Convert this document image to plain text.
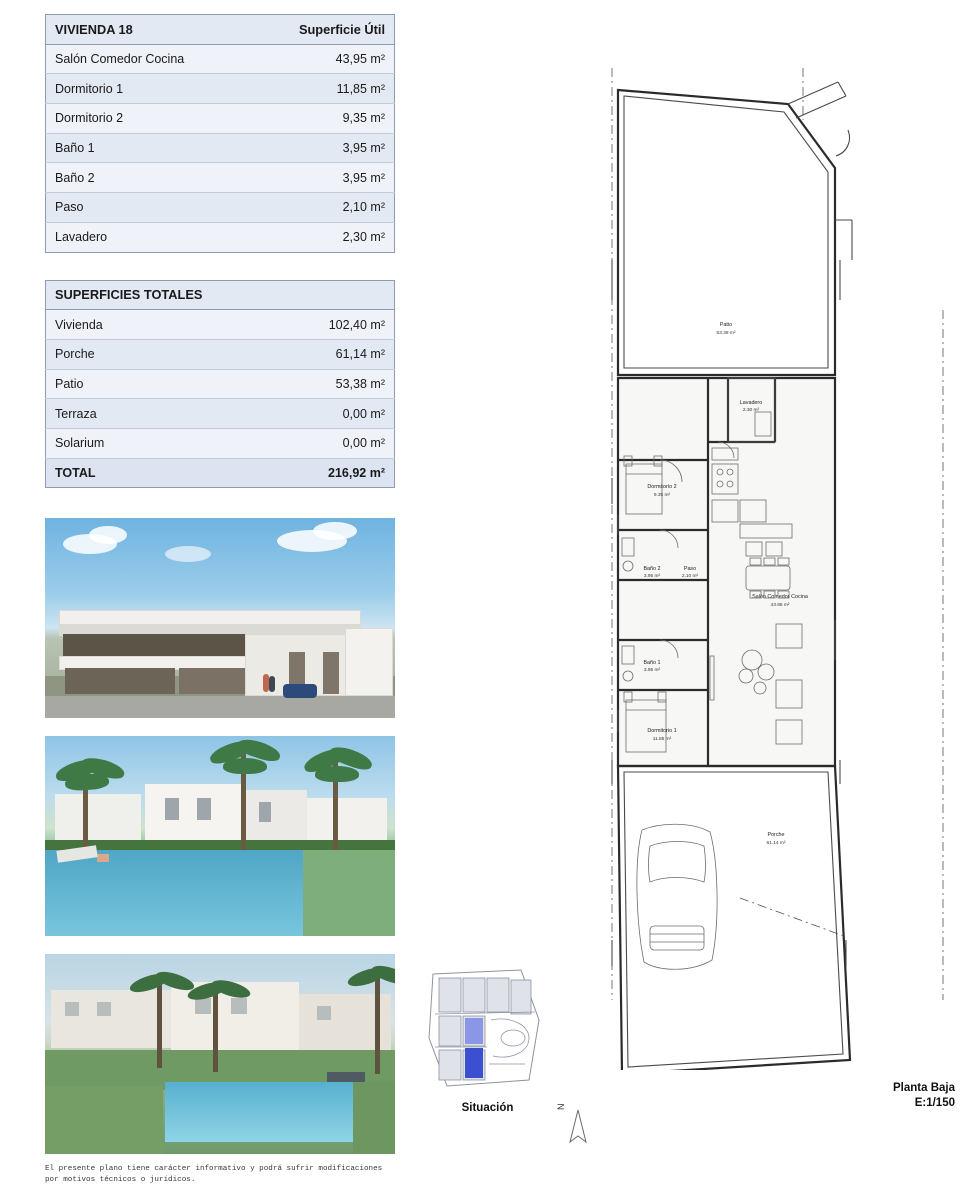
VIVIENDA 18	Superficie Útil
Salón Comedor Cocina	43,95 m²
Dormitorio 1	11,85 m²
Dormitorio 2	9,35 m²
Baño 1	3,95 m²
Baño 2	3,95 m²
Paso	2,10 m²
Lavadero	2,30 m²
SUPERFICIES TOTALES	
Vivienda	102,40 m²
Porche	61,14 m²
Patio	53,38 m²
Terraza	0,00 m²
Solarium	0,00 m²
TOTAL	216,92 m²
El presente plano tiene carácter informativo y podrá sufrir modificaciones por motivos técnicos o jurídicos.
Situación	N
Patio
53.38 m²
Lavadero
2.30 m²
Dormitorio 2
9.35 m²
Baño 2
3.95 m²
Paso
2.10 m²
Baño 1
3.95 m²
Dormitorio 1
11.85 m²
Salón Comedor Cocina
43.95 m²
Porche
61.14 m²
Planta Baja
E:1/150
